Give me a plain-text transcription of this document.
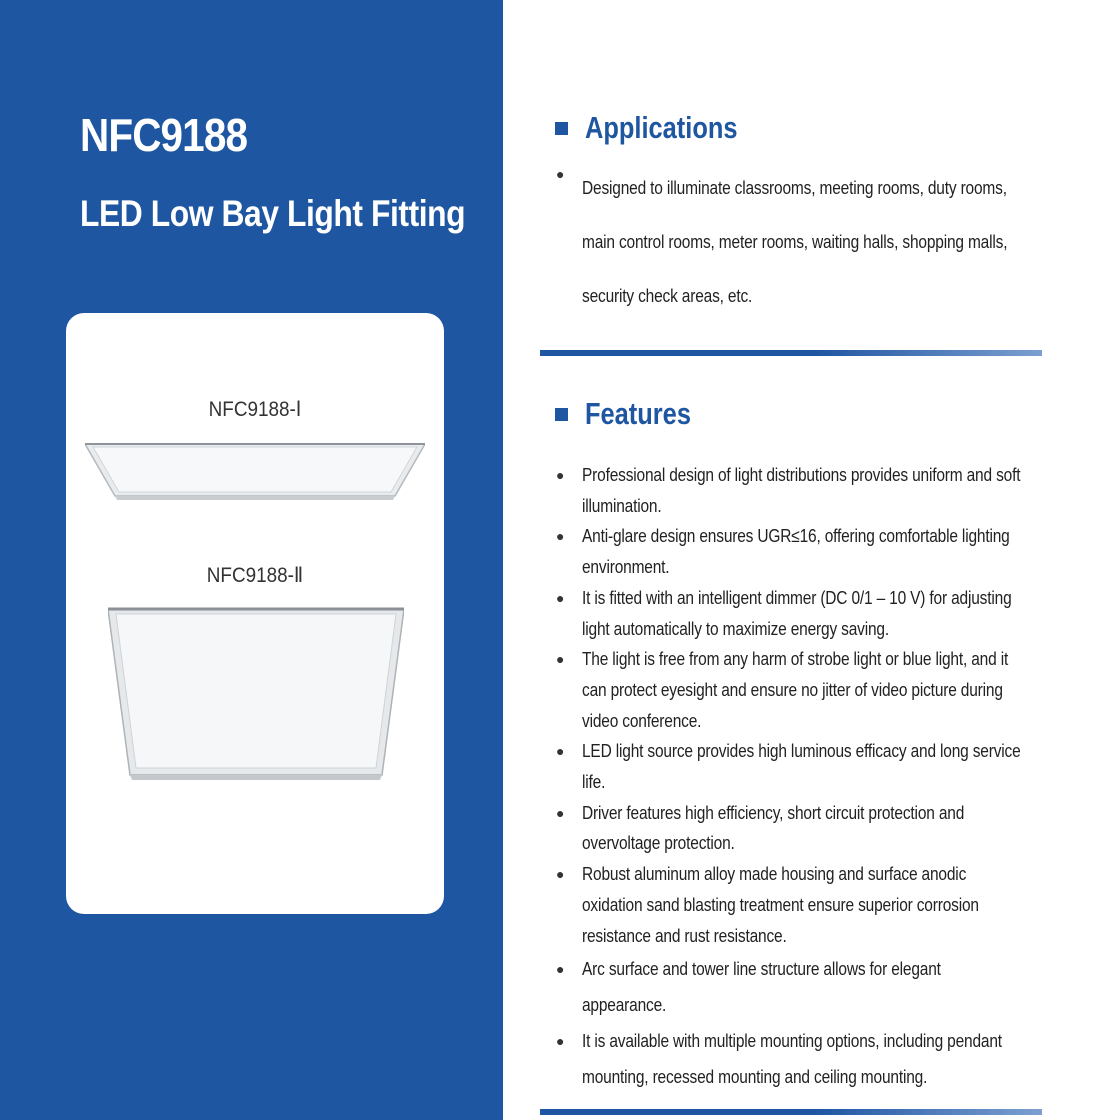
NFC9188
LED Low Bay Light Fitting
NFC9188-Ⅰ
NFC9188-Ⅱ
Applications
●
Designed to illuminate classrooms, meeting rooms, duty rooms, main control rooms, meter rooms, waiting halls, shopping malls, security check areas, etc.
Features
● Professional design of light distributions provides uniform and soft illumination.
● Anti-glare design ensures UGR≤16, offering comfortable lighting environment.
● It is fitted with an intelligent dimmer (DC 0/1 – 10 V) for adjusting light automatically to maximize energy saving.
● The light is free from any harm of strobe light or blue light, and it can protect eyesight and ensure no jitter of video picture during video conference.
● LED light source provides high luminous efficacy and long service life.
● Driver features high efficiency, short circuit protection and overvoltage protection.
● Robust aluminum alloy made housing and surface anodic oxidation sand blasting treatment ensure superior corrosion resistance and rust resistance.
● Arc surface and tower line structure allows for elegant appearance.
● It is available with multiple mounting options, including pendant mounting, recessed mounting and ceiling mounting.
